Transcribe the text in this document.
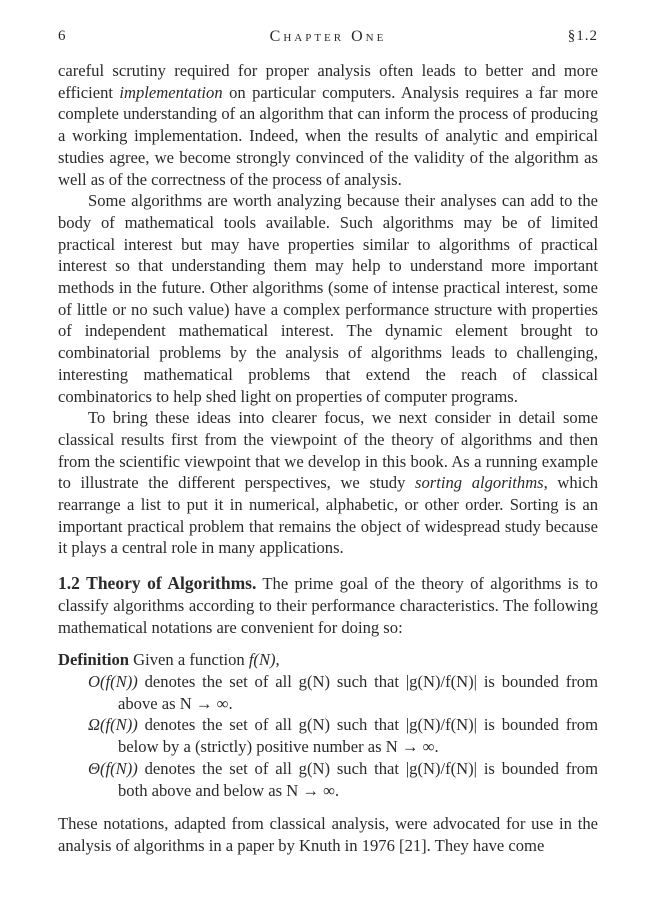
6	Chapter One	§1.2

careful scrutiny required for proper analysis often leads to better and more efficient implementation on particular computers. Analysis requires a far more complete understanding of an algorithm that can inform the process of producing a working implementation. Indeed, when the results of analytic and empirical studies agree, we become strongly convinced of the validity of the algorithm as well as of the correctness of the process of analysis.

Some algorithms are worth analyzing because their analyses can add to the body of mathematical tools available. Such algorithms may be of limited practical interest but may have properties similar to algorithms of practical interest so that understanding them may help to understand more important methods in the future. Other algorithms (some of intense practical interest, some of little or no such value) have a complex performance structure with properties of independent mathematical interest. The dynamic element brought to combinatorial problems by the analysis of algorithms leads to challenging, interesting mathematical problems that extend the reach of classical combinatorics to help shed light on properties of computer programs.

To bring these ideas into clearer focus, we next consider in detail some classical results first from the viewpoint of the theory of algorithms and then from the scientific viewpoint that we develop in this book. As a running example to illustrate the different perspectives, we study sorting algorithms, which rearrange a list to put it in numerical, alphabetic, or other order. Sorting is an important practical problem that remains the object of widespread study because it plays a central role in many applications.

1.2 Theory of Algorithms. The prime goal of the theory of algorithms is to classify algorithms according to their performance characteristics. The following mathematical notations are convenient for doing so:

Definition Given a function f(N),

O(f(N)) denotes the set of all g(N) such that |g(N)/f(N)| is bounded from above as N → ∞.
Ω(f(N)) denotes the set of all g(N) such that |g(N)/f(N)| is bounded from below by a (strictly) positive number as N → ∞.
Θ(f(N)) denotes the set of all g(N) such that |g(N)/f(N)| is bounded from both above and below as N → ∞.

These notations, adapted from classical analysis, were advocated for use in the analysis of algorithms in a paper by Knuth in 1976 [21]. They have come
